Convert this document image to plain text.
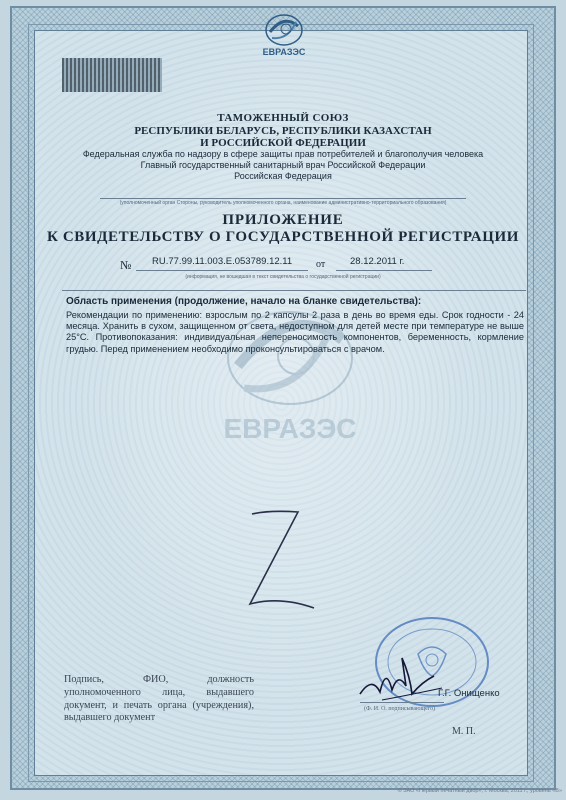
ЕВРАЗЭС
ЕВРАЗЭС
ТАМОЖЕННЫЙ СОЮЗ
РЕСПУБЛИКИ БЕЛАРУСЬ, РЕСПУБЛИКИ КАЗАХСТАН
И РОССИЙСКОЙ ФЕДЕРАЦИИ
Федеральная служба по надзору в сфере защиты прав потребителей и благополучия человека
Главный государственный санитарный врач Российской Федерации
Российская Федерация
(уполномоченный орган Стороны, руководитель уполномоченного органа, наименование административно-территориального образования)
ПРИЛОЖЕНИЕ
К СВИДЕТЕЛЬСТВУ О ГОСУДАРСТВЕННОЙ РЕГИСТРАЦИИ
№ RU.77.99.11.003.Е.053789.12.11 от	28.12.2011 г.
(информация, не вошедшая в текст свидетельства о государственной регистрации)
Область применения (продолжение, начало на бланке свидетельства):
Рекомендации по применению: взрослым по 2 капсулы 2 раза в день во время еды. Срок годности - 24 месяца. Хранить в сухом, защищенном от света, недоступном для детей месте при температуре не выше 25°C. Противопоказания: индивидуальная непереносимость компонентов, беременность, кормление грудью. Перед применением необходимо проконсультироваться с врачом.
Подпись, ФИО, должность уполномоченного лица, выдавшего документ, и печать органа (учреждения), выдавшего документ
Г.Г. Онищенко
(Ф. И. О. подписывающего)
М. П.
© ЗАО «Первый печатный двор», г. Москва, 2011 г., уровень «В»
